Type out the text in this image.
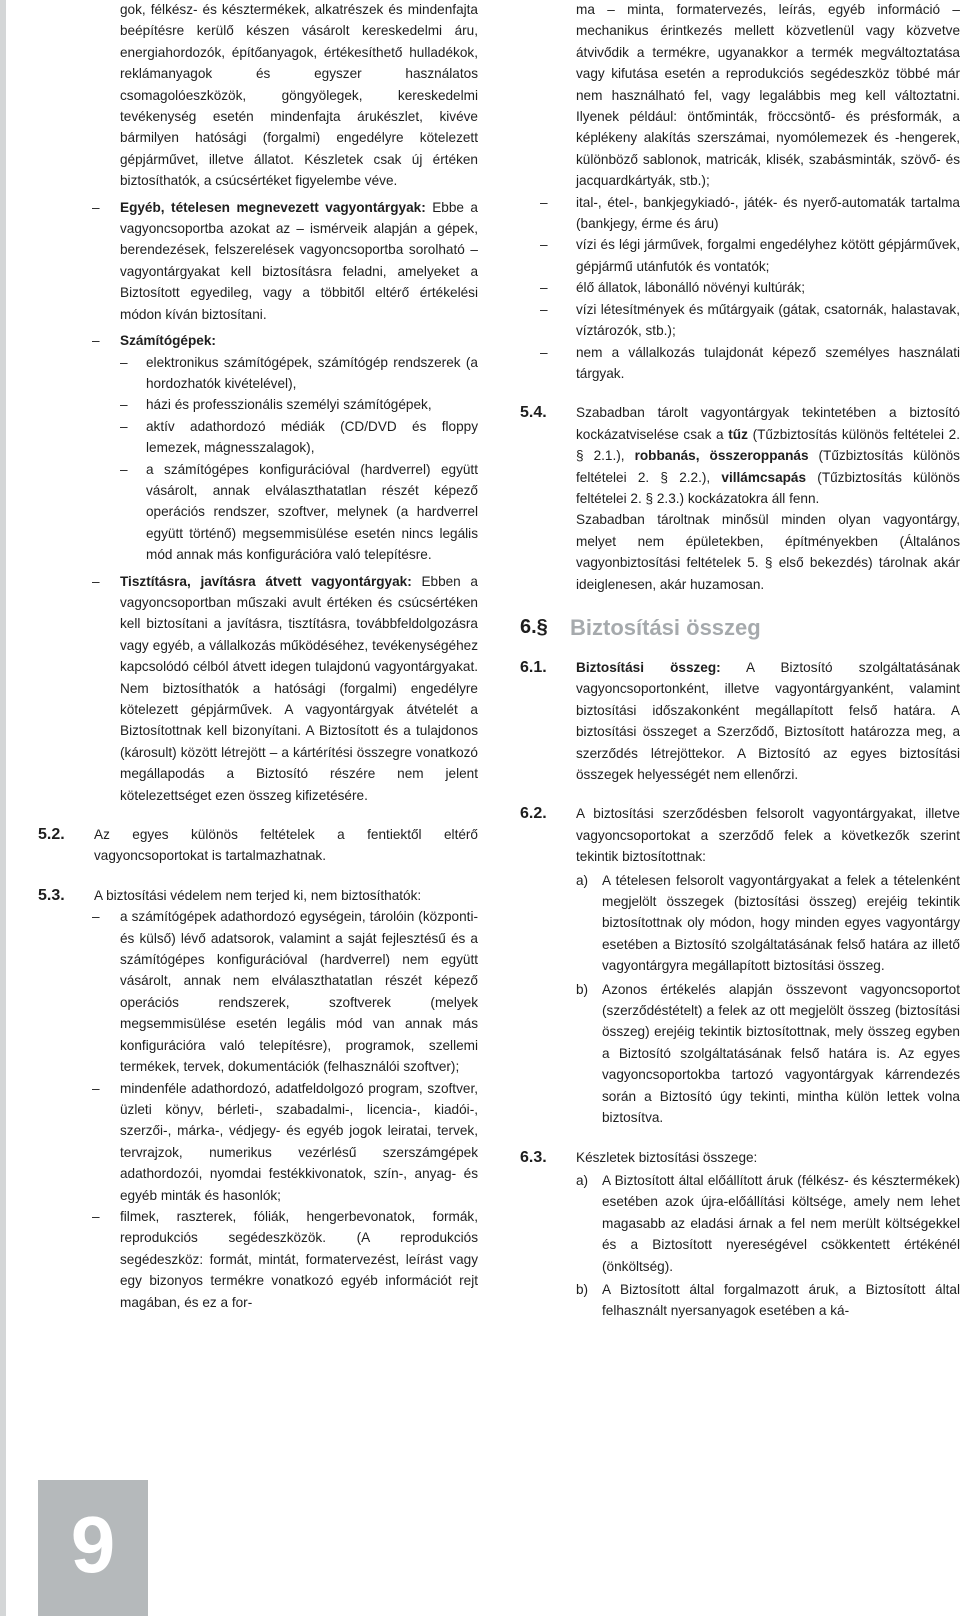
gok, félkész- és késztermékek, alkatrészek és mindenfajta beépítésre kerülő készen vásárolt kereskedelmi áru, energiahordozók, építőanyagok, értékesíthető hulladékok, reklámanyagok és egyszer használatos csomagolóeszközök, göngyölegek, kereskedelmi tevékenység esetén mindenfajta árukészlet, kivéve bármilyen hatósági (forgalmi) engedélyre kötelezett gépjárművet, illetve állatot. Készletek csak új értéken biztosíthatók, a csúcsértéket figyelembe véve.
– Egyéb, tételesen megnevezett vagyontárgyak: Ebbe a vagyoncsoportba azokat az – ismérveik alapján a gépek, berendezések, felszerelések vagyoncsoportba sorolható – vagyontárgyakat kell biztosításra feladni, amelyeket a Biztosított egyedileg, vagy a többitől eltérő értékelési módon kíván biztosítani.
– Számítógépek:
– elektronikus számítógépek, számítógép rendszerek (a hordozhatók kivételével),
– házi és professzionális személyi számítógépek,
– aktív adathordozó médiák (CD/DVD és floppy lemezek, mágnesszalagok),
– a számítógépes konfigurációval (hardverrel) együtt vásárolt, annak elválaszthatatlan részét képező operációs rendszer, szoftver, melynek (a hardverrel együtt történő) megsemmisülése esetén nincs legális mód annak más konfigurációra való telepítésre.
– Tisztításra, javításra átvett vagyontárgyak: Ebben a vagyoncsoportban műszaki avult értéken és csúcsértéken kell biztosítani a javításra, tisztításra, továbbfeldolgozásra vagy egyéb, a vállalkozás működéséhez, tevékenységéhez kapcsolódó célból átvett idegen tulajdonú vagyontárgyakat. Nem biztosíthatók a hatósági (forgalmi) engedélyre kötelezett gépjárművek. A vagyontárgyak átvételét a Biztosítottnak kell bizonyítani. A Biztosított és a tulajdonos (károsult) között létrejött – a kártérítési összegre vonatkozó megállapodás a Biztosító részére nem jelent kötelezettséget ezen összeg kifizetésére.
5.2. Az egyes különös feltételek a fentiektől eltérő vagyoncsoportokat is tartalmazhatnak.
5.3. A biztosítási védelem nem terjed ki, nem biztosíthatók:
– a számítógépek adathordozó egységein, tárolóin (központi- és külső) lévő adatsorok, valamint a saját fejlesztésű és a számítógépes konfigurációval (hardverrel) nem együtt vásárolt, annak nem elválaszthatatlan részét képező operációs rendszerek, szoftverek (melyek megsemmisülése esetén legális mód van annak más konfigurációra való telepítésre), programok, szellemi termékek, tervek, dokumentációk (felhasználói szoftver);
– mindenféle adathordozó, adatfeldolgozó program, szoftver, üzleti könyv, bérleti-, szabadalmi-, licencia-, kiadói-, szerzői-, márka-, védjegy- és egyéb jogok leiratai, tervek, tervrajzok, numerikus vezérlésű szerszámgépek adathordozói, nyomdai festékkivonatok, szín-, anyag- és egyéb minták és hasonlók;
– filmek, raszterek, fóliák, hengerbevonatok, formák, reprodukciós segédeszközök. (A reprodukciós segédeszköz: formát, mintát, formatervezést, leírást vagy egy bizonyos termékre vonatkozó egyéb információt rejt magában, és ez a for-
ma – minta, formatervezés, leírás, egyéb információ – mechanikus érintkezés mellett közvetlenül vagy közvetve átvivődik a termékre, ugyanakkor a termék megváltoztatása vagy kifutása esetén a reprodukciós segédeszköz többé már nem használható fel, vagy legalábbis meg kell változtatni. Ilyenek például: öntőminták, fröccsöntő- és présformák, a képlékeny alakítás szerszámai, nyomólemezek és -hengerek, különböző sablonok, matricák, klisék, szabásminták, szövő- és jacquardkártyák, stb.);
– ital-, étel-, bankjegykiadó-, játék- és nyerő-automaták tartalma (bankjegy, érme és áru)
– vízi és légi járművek, forgalmi engedélyhez kötött gépjárművek, gépjármű utánfutók és vontatók;
– élő állatok, lábonálló növényi kultúrák;
– vízi létesítmények és műtárgyaik (gátak, csatornák, halastavak, víztározók, stb.);
– nem a vállalkozás tulajdonát képező személyes használati tárgyak.
5.4. Szabadban tárolt vagyontárgyak tekintetében a biztosító kockázatviselése csak a tűz (Tűzbiztosítás különös feltételei 2. § 2.1.), robbanás, összeroppanás (Tűzbiztosítás különös feltételei 2. § 2.2.), villámcsapás (Tűzbiztosítás különös feltételei 2. § 2.3.) kockázatokra áll fenn.
Szabadban tároltnak minősül minden olyan vagyontárgy, melyet nem épületekben, építményekben (Általános vagyonbiztosítási feltételek 5. § első bekezdés) tárolnak akár ideiglenesen, akár huzamosan.
6.§ Biztosítási összeg
6.1. Biztosítási összeg: A Biztosító szolgáltatásának vagyoncsoportonként, illetve vagyontárgyanként, valamint biztosítási időszakonként megállapított felső határa. A biztosítási összeget a Szerződő, Biztosított határozza meg, a szerződés létrejöttekor. A Biztosító az egyes biztosítási összegek helyességét nem ellenőrzi.
6.2. A biztosítási szerződésben felsorolt vagyontárgyakat, illetve vagyoncsoportokat a szerződő felek a következők szerint tekintik biztosítottnak:
a) A tételesen felsorolt vagyontárgyakat a felek a tételenként megjelölt összegek (biztosítási összeg) erejéig tekintik biztosítottnak oly módon, hogy minden egyes vagyontárgy esetében a Biztosító szolgáltatásának felső határa az illető vagyontárgyra megállapított biztosítási összeg.
b) Azonos értékelés alapján összevont vagyoncsoportot (szerződéstételt) a felek az ott megjelölt összeg (biztosítási összeg) erejéig tekintik biztosítottnak, mely összeg egyben a Biztosító szolgáltatásának felső határa is. Az egyes vagyoncsoportokba tartozó vagyontárgyak kárrendezés során a Biztosító úgy tekinti, mintha külön lettek volna biztosítva.
6.3. Készletek biztosítási összege:
a) A Biztosított által előállított áruk (félkész- és késztermékek) esetében azok újra-előállítási költsége, amely nem lehet magasabb az eladási árnak a fel nem merült költségekkel és a Biztosított nyereségével csökkentett értékénél (önköltség).
b) A Biztosított által forgalmazott áruk, a Biztosított által felhasznált nyersanyagok esetében a ká-
9
